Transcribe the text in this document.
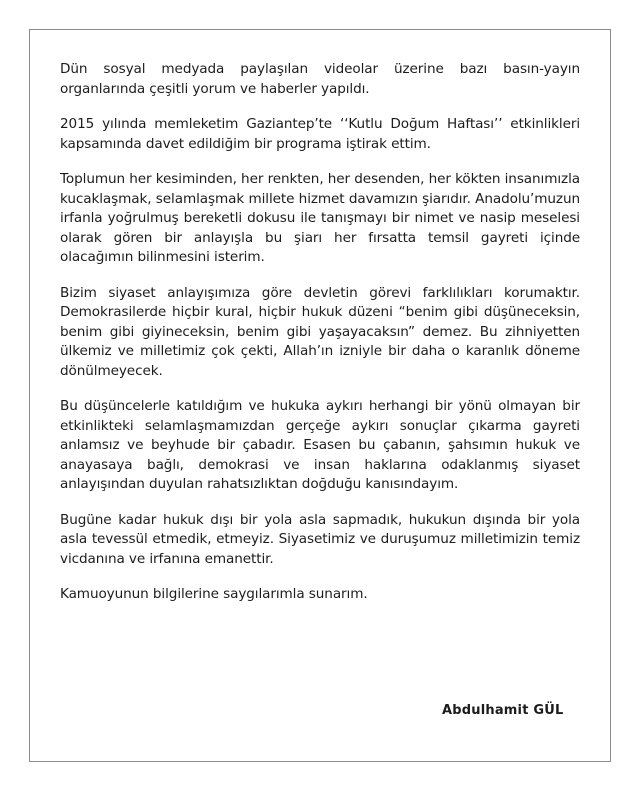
Dün sosyal medyada paylaşılan videolar üzerine bazı basın-yayın organlarında çeşitli yorum ve haberler yapıldı.

2015 yılında memleketim Gaziantep’te ‘‘Kutlu Doğum Haftası’’ etkinlikleri kapsamında davet edildiğim bir programa iştirak ettim.

Toplumun her kesiminden, her renkten, her desenden, her kökten insanımızla kucaklaşmak, selamlaşmak millete hizmet davamızın şiarıdır. Anadolu’muzun irfanla yoğrulmuş bereketli dokusu ile tanışmayı bir nimet ve nasip meselesi olarak gören bir anlayışla bu şiarı her fırsatta temsil gayreti içinde olacağımın bilinmesini isterim.

Bizim siyaset anlayışımıza göre devletin görevi farklılıkları korumaktır. Demokrasilerde hiçbir kural, hiçbir hukuk düzeni “benim gibi düşüneceksin, benim gibi giyineceksin, benim gibi yaşayacaksın” demez. Bu zihniyetten ülkemiz ve milletimiz çok çekti, Allah’ın izniyle bir daha o karanlık döneme dönülmeyecek.

Bu düşüncelerle katıldığım ve hukuka aykırı herhangi bir yönü olmayan bir etkinlikteki selamlaşmamızdan gerçeğe aykırı sonuçlar çıkarma gayreti anlamsız ve beyhude bir çabadır. Esasen bu çabanın, şahsımın hukuk ve anayasaya bağlı, demokrasi ve insan haklarına odaklanmış siyaset anlayışından duyulan rahatsızlıktan doğduğu kanısındayım.

Bugüne kadar hukuk dışı bir yola asla sapmadık, hukukun dışında bir yola asla tevessül etmedik, etmeyiz. Siyasetimiz ve duruşumuz milletimizin temiz vicdanına ve irfanına emanettir.

Kamuoyunun bilgilerine saygılarımla sunarım.

Abdulhamit GÜL
